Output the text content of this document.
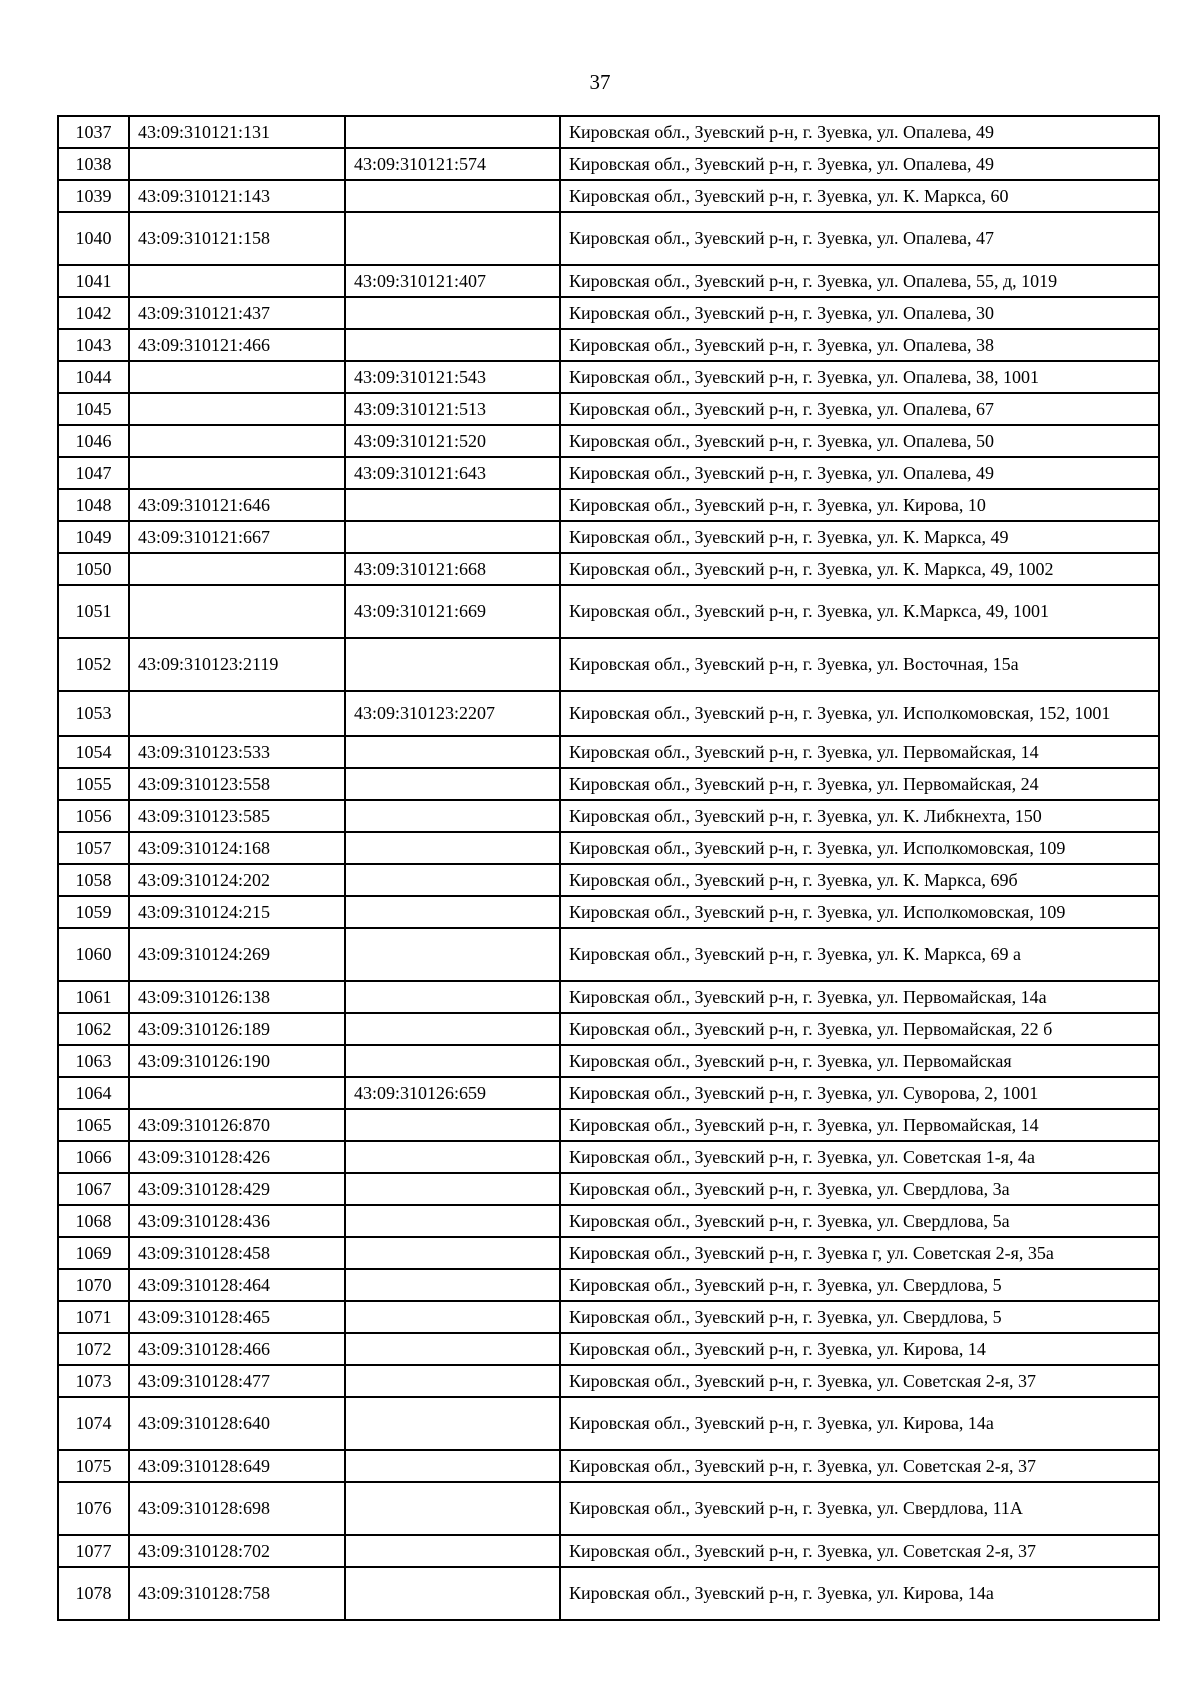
37
1037	43:09:310121:131		Кировская обл., Зуевский р-н, г. Зуевка, ул. Опалева, 49
1038		43:09:310121:574	Кировская обл., Зуевский р-н, г. Зуевка, ул. Опалева, 49
1039	43:09:310121:143		Кировская обл., Зуевский р-н, г. Зуевка, ул. К. Маркса, 60
1040	43:09:310121:158		Кировская обл., Зуевский р-н, г. Зуевка, ул. Опалева, 47
1041		43:09:310121:407	Кировская обл., Зуевский р-н, г. Зуевка, ул. Опалева, 55, д, 1019
1042	43:09:310121:437		Кировская обл., Зуевский р-н, г. Зуевка, ул. Опалева, 30
1043	43:09:310121:466		Кировская обл., Зуевский р-н, г. Зуевка, ул. Опалева, 38
1044		43:09:310121:543	Кировская обл., Зуевский р-н, г. Зуевка, ул. Опалева, 38, 1001
1045		43:09:310121:513	Кировская обл., Зуевский р-н, г. Зуевка, ул. Опалева, 67
1046		43:09:310121:520	Кировская обл., Зуевский р-н, г. Зуевка, ул. Опалева, 50
1047		43:09:310121:643	Кировская обл., Зуевский р-н, г. Зуевка, ул. Опалева, 49
1048	43:09:310121:646		Кировская обл., Зуевский р-н, г. Зуевка, ул. Кирова, 10
1049	43:09:310121:667		Кировская обл., Зуевский р-н, г. Зуевка, ул. К. Маркса, 49
1050		43:09:310121:668	Кировская обл., Зуевский р-н, г. Зуевка, ул. К. Маркса, 49, 1002
1051		43:09:310121:669	Кировская обл., Зуевский р-н, г. Зуевка, ул. К.Маркса, 49, 1001
1052	43:09:310123:2119		Кировская обл., Зуевский р-н, г. Зуевка, ул. Восточная, 15а
1053		43:09:310123:2207	Кировская обл., Зуевский р-н, г. Зуевка, ул. Исполкомовская, 152, 1001
1054	43:09:310123:533		Кировская обл., Зуевский р-н, г. Зуевка, ул. Первомайская, 14
1055	43:09:310123:558		Кировская обл., Зуевский р-н, г. Зуевка, ул. Первомайская, 24
1056	43:09:310123:585		Кировская обл., Зуевский р-н, г. Зуевка, ул. К. Либкнехта, 150
1057	43:09:310124:168		Кировская обл., Зуевский р-н, г. Зуевка, ул. Исполкомовская, 109
1058	43:09:310124:202		Кировская обл., Зуевский р-н, г. Зуевка, ул. К. Маркса, 69б
1059	43:09:310124:215		Кировская обл., Зуевский р-н, г. Зуевка, ул. Исполкомовская, 109
1060	43:09:310124:269		Кировская обл., Зуевский р-н, г. Зуевка, ул. К. Маркса, 69 а
1061	43:09:310126:138		Кировская обл., Зуевский р-н, г. Зуевка, ул. Первомайская, 14а
1062	43:09:310126:189		Кировская обл., Зуевский р-н, г. Зуевка, ул. Первомайская, 22 б
1063	43:09:310126:190		Кировская обл., Зуевский р-н, г. Зуевка, ул. Первомайская
1064		43:09:310126:659	Кировская обл., Зуевский р-н, г. Зуевка, ул. Суворова, 2, 1001
1065	43:09:310126:870		Кировская обл., Зуевский р-н, г. Зуевка, ул. Первомайская, 14
1066	43:09:310128:426		Кировская обл., Зуевский р-н, г. Зуевка, ул. Советская 1-я, 4а
1067	43:09:310128:429		Кировская обл., Зуевский р-н, г. Зуевка, ул. Свердлова, 3а
1068	43:09:310128:436		Кировская обл., Зуевский р-н, г. Зуевка, ул. Свердлова, 5а
1069	43:09:310128:458		Кировская обл., Зуевский р-н, г. Зуевка г, ул. Советская 2-я, 35а
1070	43:09:310128:464		Кировская обл., Зуевский р-н, г. Зуевка, ул. Свердлова, 5
1071	43:09:310128:465		Кировская обл., Зуевский р-н, г. Зуевка, ул. Свердлова, 5
1072	43:09:310128:466		Кировская обл., Зуевский р-н, г. Зуевка, ул. Кирова, 14
1073	43:09:310128:477		Кировская обл., Зуевский р-н, г. Зуевка, ул. Советская 2-я, 37
1074	43:09:310128:640		Кировская обл., Зуевский р-н, г. Зуевка, ул. Кирова, 14а
1075	43:09:310128:649		Кировская обл., Зуевский р-н, г. Зуевка, ул. Советская 2-я, 37
1076	43:09:310128:698		Кировская обл., Зуевский р-н, г. Зуевка, ул. Свердлова, 11А
1077	43:09:310128:702		Кировская обл., Зуевский р-н, г. Зуевка, ул. Советская 2-я, 37
1078	43:09:310128:758		Кировская обл., Зуевский р-н, г. Зуевка, ул. Кирова, 14а
